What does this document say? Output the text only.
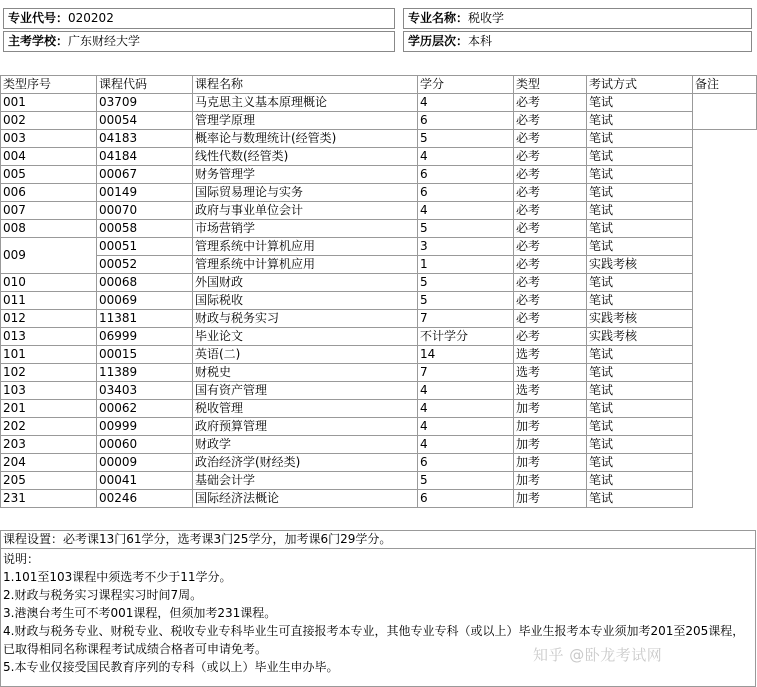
专业代号：020202	专业名称：税收学
主考学校：广东财经大学	学历层次：本科
类型序号	课程代码	课程名称	学分	类型	考试方式	备注
001	03709	马克思主义基本原理概论	4	必考	笔试	
002	00054	管理学原理	6	必考	笔试	
003	04183	概率论与数理统计(经管类)	5	必考	笔试	
004	04184	线性代数(经管类)	4	必考	笔试	
005	00067	财务管理学	6	必考	笔试	
006	00149	国际贸易理论与实务	6	必考	笔试	
007	00070	政府与事业单位会计	4	必考	笔试	
008	00058	市场营销学	5	必考	笔试	
009	00051	管理系统中计算机应用	3	必考	笔试	
	00052	管理系统中计算机应用	1	必考	实践考核	
010	00068	外国财政	5	必考	笔试	
011	00069	国际税收	5	必考	笔试	
012	11381	财政与税务实习	7	必考	实践考核	
013	06999	毕业论文	不计学分	必考	实践考核	
101	00015	英语(二)	14	选考	笔试	
102	11389	财税史	7	选考	笔试	
103	03403	国有资产管理	4	选考	笔试	
201	00062	税收管理	4	加考	笔试	
202	00999	政府预算管理	4	加考	笔试	
203	00060	财政学	4	加考	笔试	
204	00009	政治经济学(财经类)	6	加考	笔试	
205	00041	基础会计学	5	加考	笔试	
231	00246	国际经济法概论	6	加考	笔试	
课程设置：必考课13门61学分，选考课3门25学分，加考课6门29学分。
说明：
1.101至103课程中须选考不少于11学分。
2.财政与税务实习课程实习时间7周。
3.港澳台考生可不考001课程，但须加考231课程。
4.财政与税务专业、财税专业、税收专业专科毕业生可直接报考本专业，其他专业专科（或以上）毕业生报考本专业须加考201至205课程，已取得相同名称课程考试成绩合格者可申请免考。
5.本专业仅接受国民教育序列的专科（或以上）毕业生申办毕。
知乎 @卧龙考试网
